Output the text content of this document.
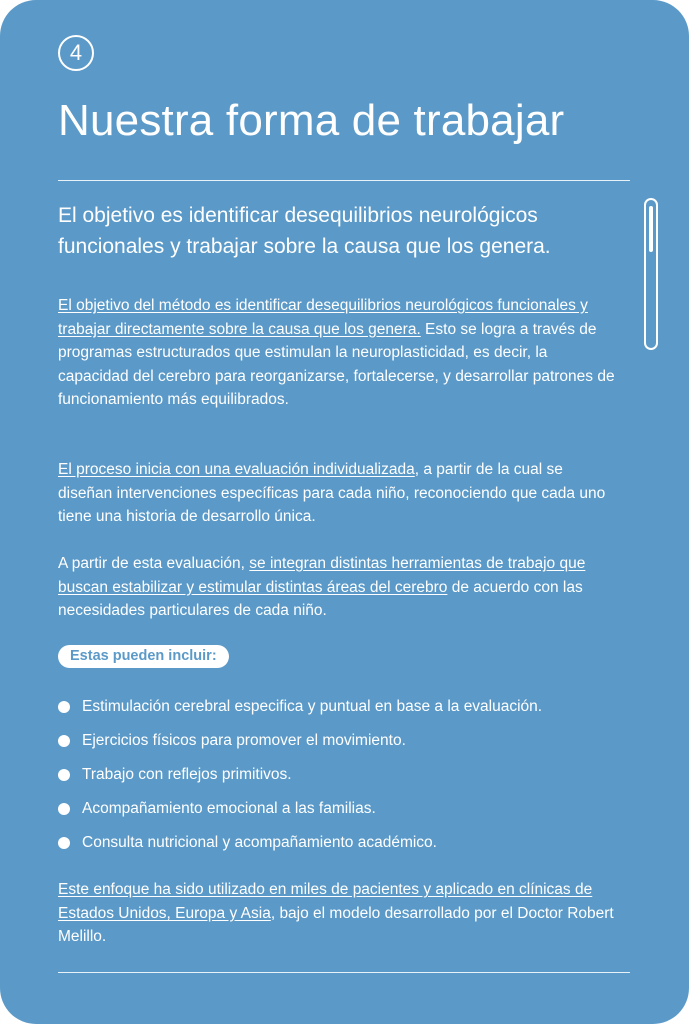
4
Nuestra forma de trabajar

El objetivo es identificar desequilibrios neurológicos funcionales y trabajar sobre la causa que los genera.

El objetivo del método es identificar desequilibrios neurológicos funcionales y trabajar directamente sobre la causa que los genera. Esto se logra a través de programas estructurados que estimulan la neuroplasticidad, es decir, la capacidad del cerebro para reorganizarse, fortalecerse, y desarrollar patrones de funcionamiento más equilibrados.

El proceso inicia con una evaluación individualizada, a partir de la cual se diseñan intervenciones específicas para cada niño, reconociendo que cada uno tiene una historia de desarrollo única.

A partir de esta evaluación, se integran distintas herramientas de trabajo que buscan estabilizar y estimular distintas áreas del cerebro de acuerdo con las necesidades particulares de cada niño.

Estas pueden incluir:
Estimulación cerebral especifica y puntual en base a la evaluación.
Ejercicios físicos para promover el movimiento.
Trabajo con reflejos primitivos.
Acompañamiento emocional a las familias.
Consulta nutricional y acompañamiento académico.

Este enfoque ha sido utilizado en miles de pacientes y aplicado en clínicas de Estados Unidos, Europa y Asia, bajo el modelo desarrollado por el Doctor Robert Melillo.
